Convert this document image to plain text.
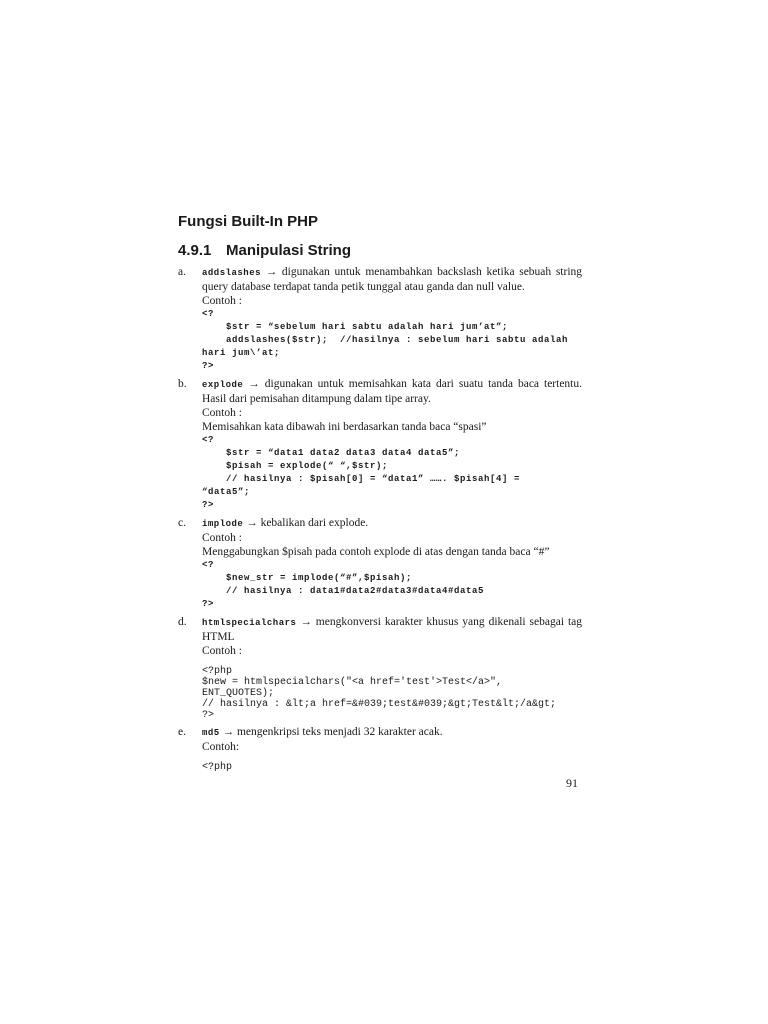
Fungsi Built-In PHP
4.9.1 Manipulasi String
a.	addslashes → digunakan untuk menambahkan backslash ketika sebuah string query database terdapat tanda petik tunggal atau ganda dan null value.

Contoh :

<?

$str = “sebelum hari sabtu adalah hari jum’at”;

addslashes($str);  //hasilnya : sebelum hari sabtu adalah

hari jum\’at;

?>

b.	explode → digunakan untuk memisahkan kata dari suatu tanda baca tertentu. Hasil dari pemisahan ditampung dalam tipe array.

Contoh :

Memisahkan kata dibawah ini berdasarkan tanda baca “spasi”

<?

$str = “data1 data2 data3 data4 data5”;

$pisah = explode(“ “,$str);

// hasilnya : $pisah[0] = “data1” ……. $pisah[4] =

“data5”;

?>

c.	implode → kebalikan dari explode.

Contoh :

Menggabungkan $pisah pada contoh explode di atas dengan tanda baca “#”

<?

$new_str = implode(“#”,$pisah);

// hasilnya : data1#data2#data3#data4#data5

?>

d.	htmlspecialchars → mengkonversi karakter khusus yang dikenali sebagai tag HTML

Contoh :

<?php

$new = htmlspecialchars("<a href='test'>Test</a>",

ENT_QUOTES);

// hasilnya : &lt;a href=&#039;test&#039;&gt;Test&lt;/a&gt;

?>

e.	md5 → mengenkripsi teks menjadi 32 karakter acak.

Contoh:

<?php

91
